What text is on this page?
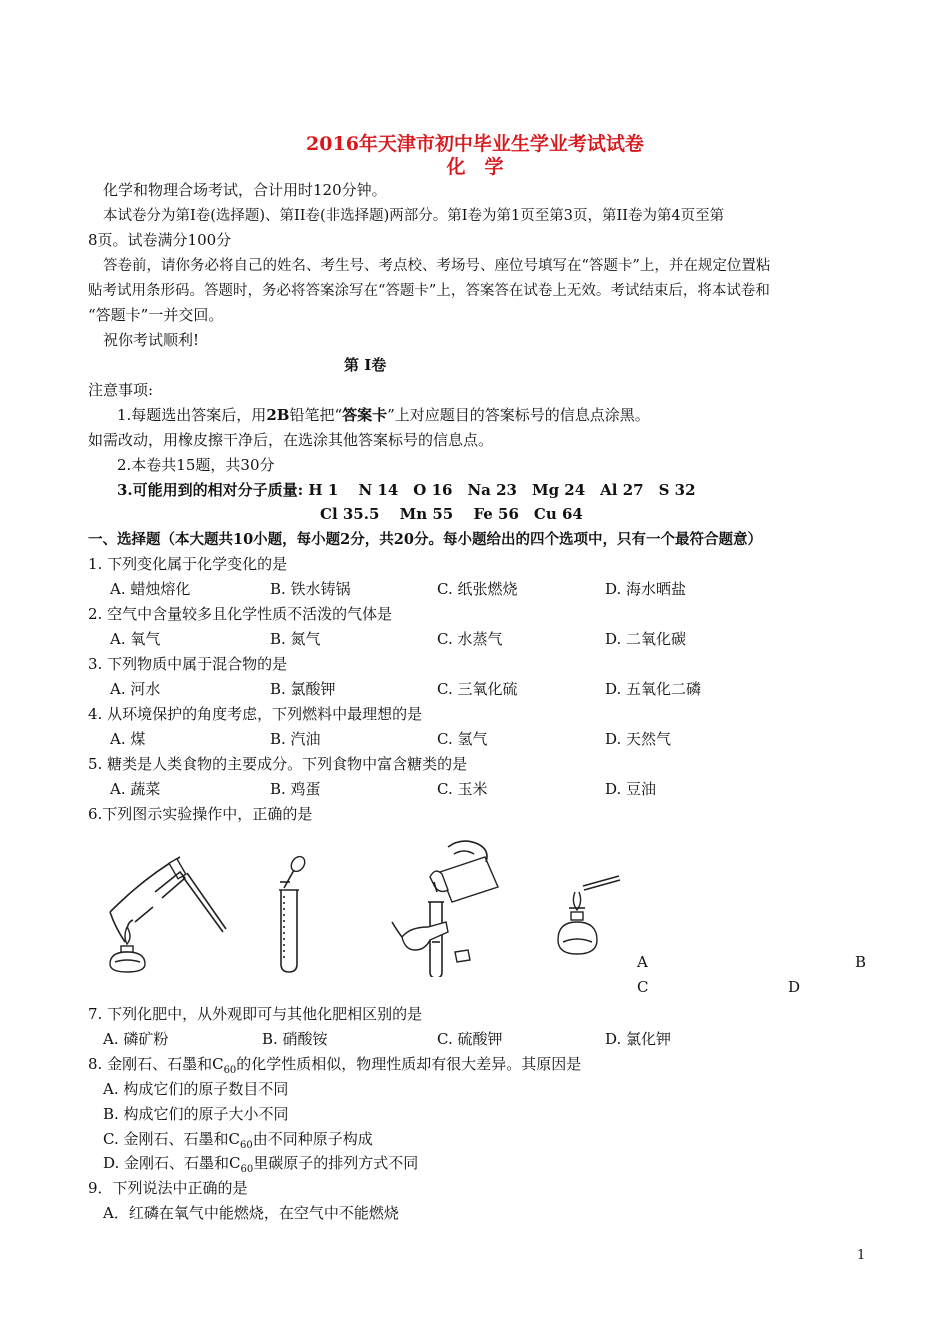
2016年天津市初中毕业生学业考试试卷
化　学
化学和物理合场考试，合计用时120分钟。
本试卷分为第I卷(选择题)、第II卷(非选择题)两部分。第I卷为第1页至第3页，第II卷为第4页至第
8页。试卷满分100分
答卷前，请你务必将自己的姓名、考生号、考点校、考场号、座位号填写在“答题卡”上，并在规定位置粘
贴考试用条形码。答题时，务必将答案涂写在“答题卡”上，答案答在试卷上无效。考试结束后，将本试卷和
“答题卡”一并交回。
祝你考试顺利!
第 I卷
注意事项:
1.每题选出答案后，用2B铅笔把“答案卡”上对应题目的答案标号的信息点涂黑。
如需改动，用橡皮擦干净后，在选涂其他答案标号的信息点。
2.本卷共15题，共30分
3.可能用到的相对分子质量: H 1　 N 14　O 16　Na 23　Mg 24　Al 27　S 32
Cl 35.5　 Mn 55　 Fe 56　Cu 64
一、选择题（本大题共10小题，每小题2分，共20分。每小题给出的四个选项中，只有一个最符合题意）
1. 下列变化属于化学变化的是
A. 蜡烛熔化	B. 铁水铸锅	C. 纸张燃烧	D. 海水晒盐
2. 空气中含量较多且化学性质不活泼的气体是
A. 氧气	B. 氮气	C. 水蒸气	D. 二氧化碳
3. 下列物质中属于混合物的是
A. 河水	B. 氯酸钾	C. 三氧化硫	D. 五氧化二磷
4. 从环境保护的角度考虑，下列燃料中最理想的是
A. 煤	B. 汽油	C. 氢气	D. 天然气
5. 糖类是人类食物的主要成分。下列食物中富含糖类的是
A. 蔬菜	B. 鸡蛋	C. 玉米	D. 豆油
6.下列图示实验操作中，正确的是
A	B
C	D
7. 下列化肥中，从外观即可与其他化肥相区别的是
A. 磷矿粉	B. 硝酸铵	C. 硫酸钾	D. 氯化钾
8. 金刚石、石墨和$C_{60}$的化学性质相似，物理性质却有很大差异。其原因是
A. 构成它们的原子数目不同
B. 构成它们的原子大小不同
C. 金刚石、石墨和$C_{60}$由不同种原子构成
D. 金刚石、石墨和$C_{60}$里碳原子的排列方式不同
9．下列说法中正确的是
A．红磷在氧气中能燃烧，在空气中不能燃烧
1
